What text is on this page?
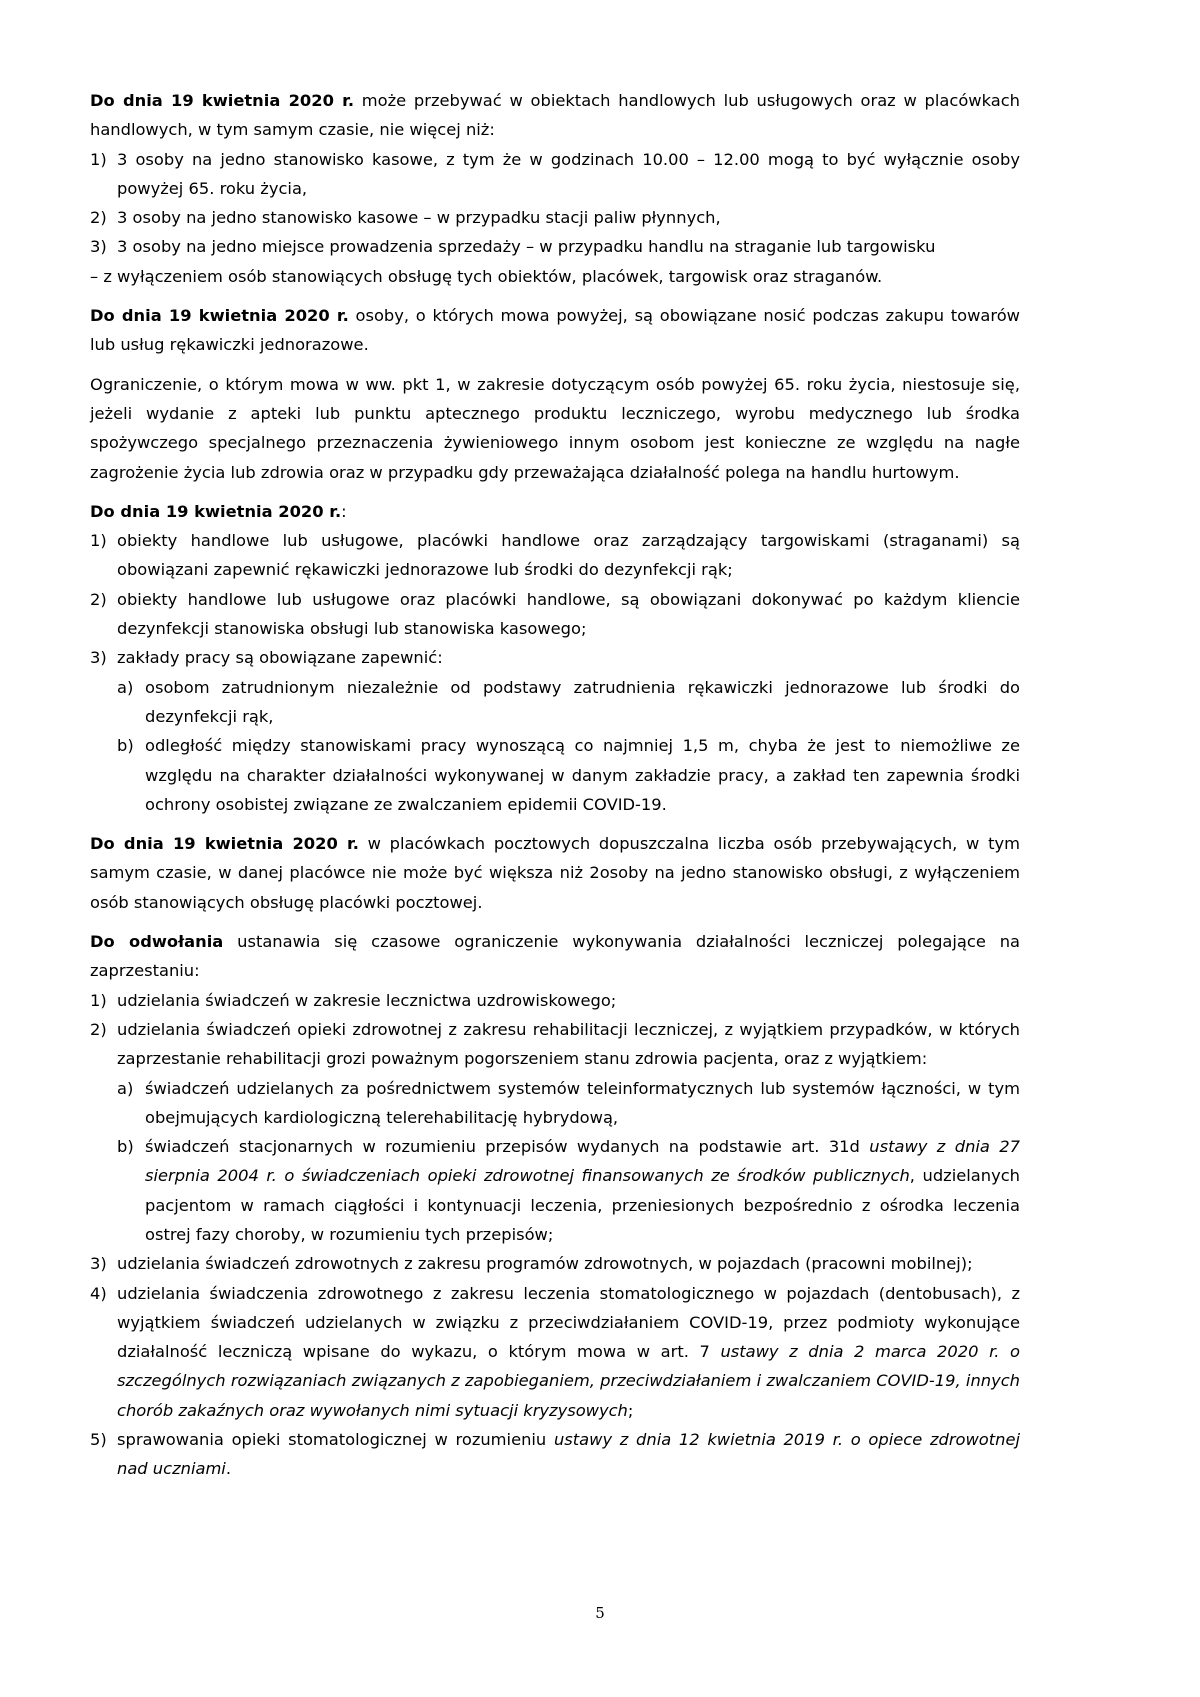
Do dnia 19 kwietnia 2020 r. może przebywać w obiektach handlowych lub usługowych oraz w placówkach handlowych, w tym samym czasie, nie więcej niż:

1) 3 osoby na jedno stanowisko kasowe, z tym że w godzinach 10.00 – 12.00 mogą to być wyłącznie osoby powyżej 65. roku życia,
2) 3 osoby na jedno stanowisko kasowe – w przypadku stacji paliw płynnych,
3) 3 osoby na jedno miejsce prowadzenia sprzedaży – w przypadku handlu na straganie lub targowisku

– z wyłączeniem osób stanowiących obsługę tych obiektów, placówek, targowisk oraz straganów.

Do dnia 19 kwietnia 2020 r. osoby, o których mowa powyżej, są obowiązane nosić podczas zakupu towarów lub usług rękawiczki jednorazowe.

Ograniczenie, o którym mowa w ww. pkt 1, w zakresie dotyczącym osób powyżej 65. roku życia, niestosuje się, jeżeli wydanie z apteki lub punktu aptecznego produktu leczniczego, wyrobu medycznego lub środka spożywczego specjalnego przeznaczenia żywieniowego innym osobom jest konieczne ze względu na nagłe zagrożenie życia lub zdrowia oraz w przypadku gdy przeważająca działalność polega na handlu hurtowym.

Do dnia 19 kwietnia 2020 r.:

1) obiekty handlowe lub usługowe, placówki handlowe oraz zarządzający targowiskami (straganami) są obowiązani zapewnić rękawiczki jednorazowe lub środki do dezynfekcji rąk;
2) obiekty handlowe lub usługowe oraz placówki handlowe, są obowiązani dokonywać po każdym kliencie dezynfekcji stanowiska obsługi lub stanowiska kasowego;
3) zakłady pracy są obowiązane zapewnić:
a) osobom zatrudnionym niezależnie od podstawy zatrudnienia rękawiczki jednorazowe lub środki do dezynfekcji rąk,
b) odległość między stanowiskami pracy wynoszącą co najmniej 1,5 m, chyba że jest to niemożliwe ze względu na charakter działalności wykonywanej w danym zakładzie pracy, a zakład ten zapewnia środki ochrony osobistej związane ze zwalczaniem epidemii COVID-19.

Do dnia 19 kwietnia 2020 r. w placówkach pocztowych dopuszczalna liczba osób przebywających, w tym samym czasie, w danej placówce nie może być większa niż 2osoby na jedno stanowisko obsługi, z wyłączeniem osób stanowiących obsługę placówki pocztowej.

Do odwołania ustanawia się czasowe ograniczenie wykonywania działalności leczniczej polegające na zaprzestaniu:

1) udzielania świadczeń w zakresie lecznictwa uzdrowiskowego;
2) udzielania świadczeń opieki zdrowotnej z zakresu rehabilitacji leczniczej, z wyjątkiem przypadków, w których zaprzestanie rehabilitacji grozi poważnym pogorszeniem stanu zdrowia pacjenta, oraz z wyjątkiem:
a) świadczeń udzielanych za pośrednictwem systemów teleinformatycznych lub systemów łączności, w tym obejmujących kardiologiczną telerehabilitację hybrydową,
b) świadczeń stacjonarnych w rozumieniu przepisów wydanych na podstawie art. 31d ustawy z dnia 27 sierpnia 2004 r. o świadczeniach opieki zdrowotnej finansowanych ze środków publicznych, udzielanych pacjentom w ramach ciągłości i kontynuacji leczenia, przeniesionych bezpośrednio z ośrodka leczenia ostrej fazy choroby, w rozumieniu tych przepisów;
3) udzielania świadczeń zdrowotnych z zakresu programów zdrowotnych, w pojazdach (pracowni mobilnej);
4) udzielania świadczenia zdrowotnego z zakresu leczenia stomatologicznego w pojazdach (dentobusach), z wyjątkiem świadczeń udzielanych w związku z przeciwdziałaniem COVID-19, przez podmioty wykonujące działalność leczniczą wpisane do wykazu, o którym mowa w art. 7 ustawy z dnia 2 marca 2020 r. o szczególnych rozwiązaniach związanych z zapobieganiem, przeciwdziałaniem i zwalczaniem COVID-19, innych chorób zakaźnych oraz wywołanych nimi sytuacji kryzysowych;
5) sprawowania opieki stomatologicznej w rozumieniu ustawy z dnia 12 kwietnia 2019 r. o opiece zdrowotnej nad uczniami.
5
